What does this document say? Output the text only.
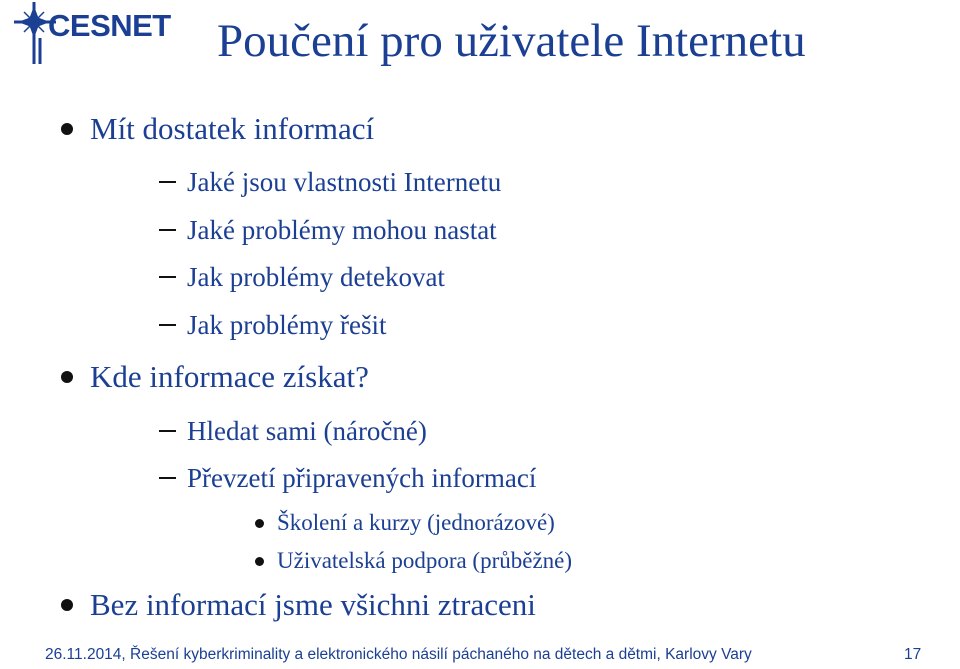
CESNET Poučení pro uživatele Internetu
Mít dostatek informací
Jaké jsou vlastnosti Internetu
Jaké problémy mohou nastat
Jak problémy detekovat
Jak problémy řešit
Kde informace získat?
Hledat sami (náročné)
Převzetí připravených informací
Školení a kurzy (jednorázové)
Uživatelská podpora (průběžné)
Bez informací jsme všichni ztraceni
26.11.2014, Řešení kyberkriminality a elektronického násilí páchaného na dětech a dětmi, Karlovy Vary	17
